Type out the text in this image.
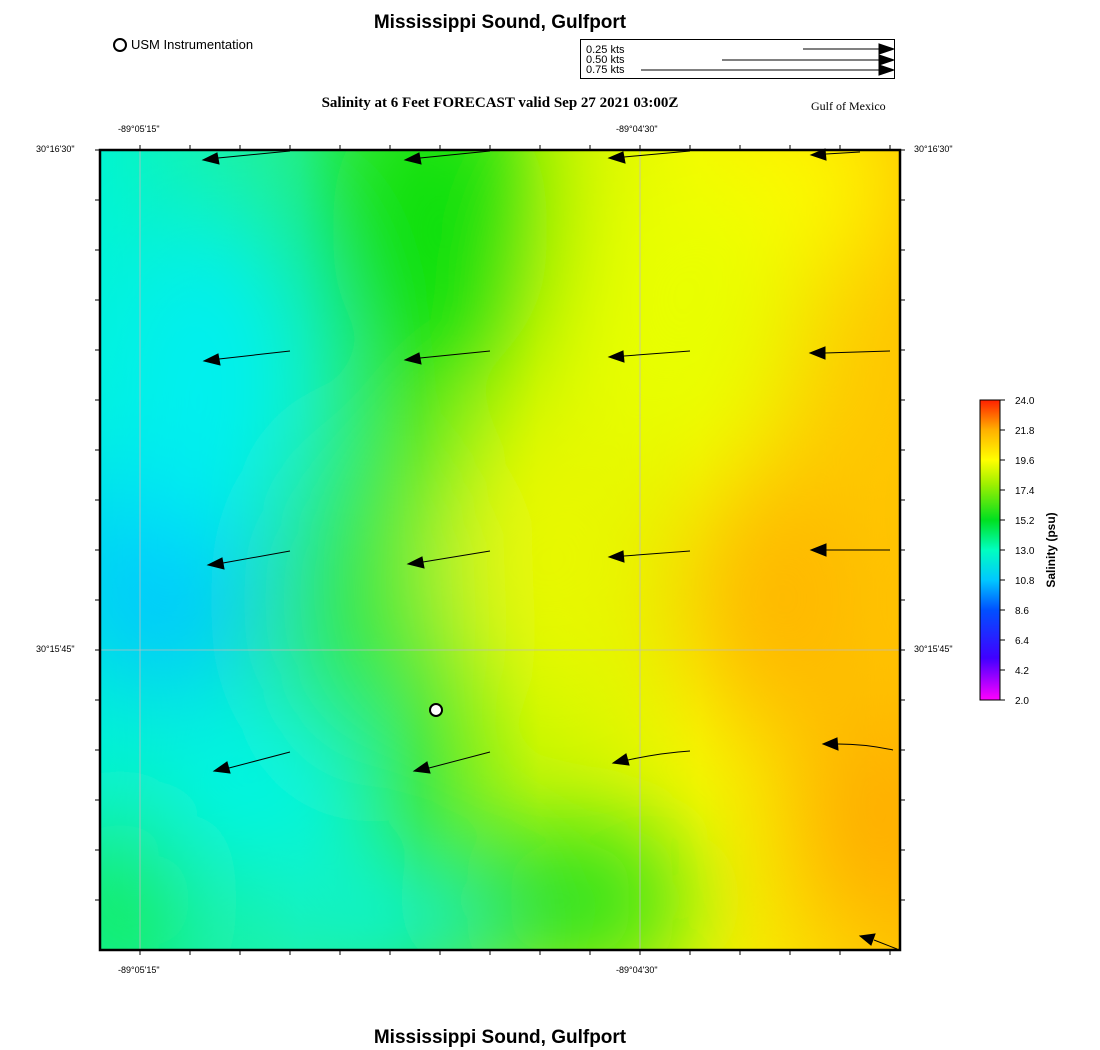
Mississippi Sound, Gulfport
USM Instrumentation	0.25 kts
0.50 kts
0.75 kts
Salinity at 6 Feet FORECAST valid Sep 27 2021 03:00Z	Gulf of Mexico
-89°05'15"	-89°04'30"
-89°05'15"	-89°04'30"
30°16'30"
30°15'45"
30°16'30"
30°15'45"
24.0
21.8
19.6
17.4
15.2
13.0
10.8
8.6
6.4
4.2
2.0
Salinity (psu)
Mississippi Sound, Gulfport
